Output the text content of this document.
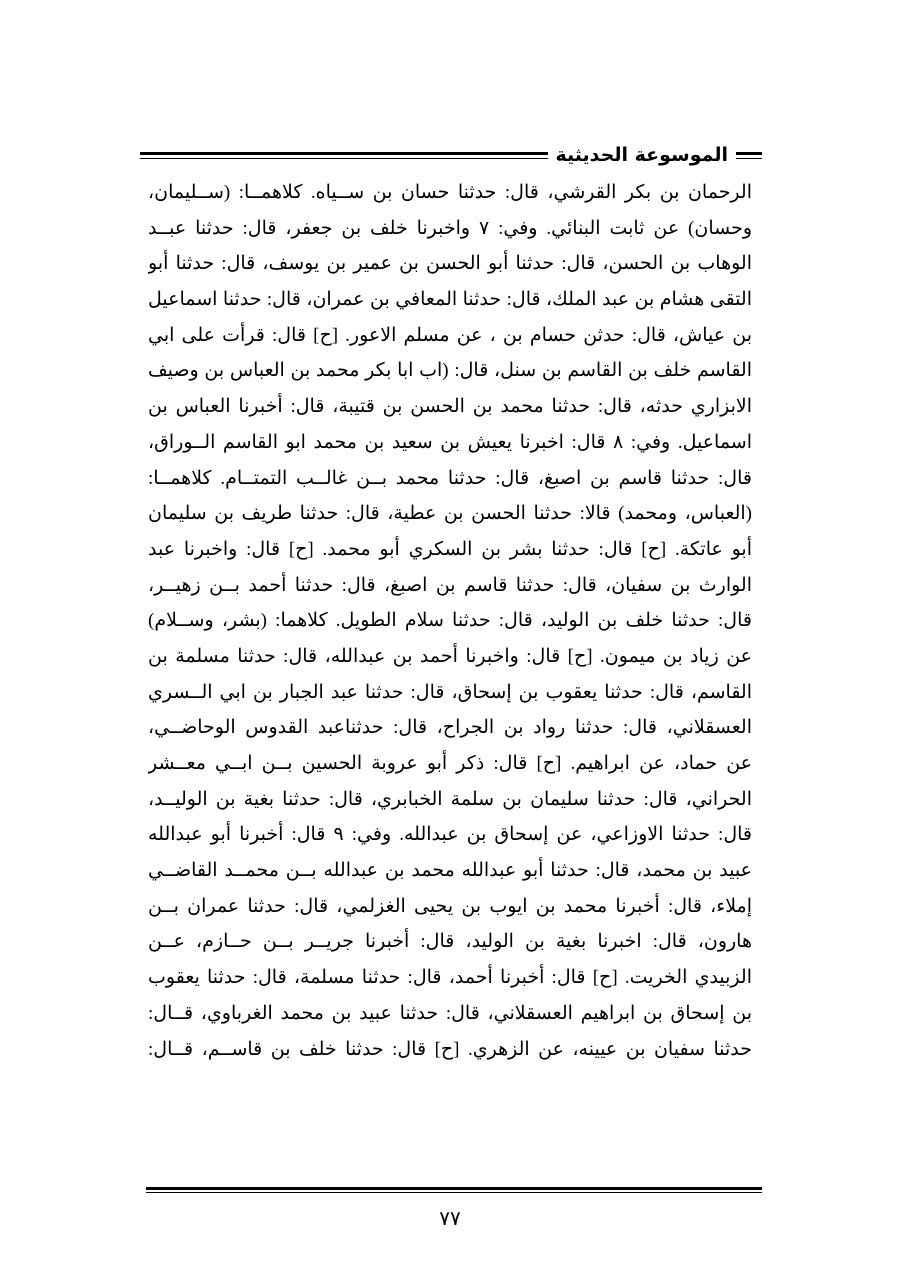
الموسوعة الحديثية
الرحمان بن بكر القرشي، قال: حدثنا حسان بن ســياه. كلاهمــا: (ســليمان،
وحسان) عن ثابت البنائي. وفي: ٧ واخبرنا خلف بن جعفر، قال: حدثنا عبــد
الوهاب بن الحسن، قال: حدثنا أبو الحسن بن عمير بن يوسف، قال: حدثنا أبو
التقى هشام بن عبد الملك، قال: حدثنا المعافي بن عمران، قال: حدثنا اسماعيل
بن عياش، قال: حدثن حسام بن ، عن مسلم الاعور. [ح] قال: قرأت على ابي
القاسم خلف بن القاسم بن سنل، قال: (اب ابا بكر محمد بن العباس بن وصيف
الابزاري حدثه، قال: حدثنا محمد بن الحسن بن قتيبة، قال: أخبرنا العباس بن
اسماعيل. وفي: ٨ قال: اخبرنا يعيش بن سعيد بن محمد ابو القاسم الــوراق،
قال: حدثنا قاسم بن اصبغ، قال: حدثنا محمد بــن غالــب التمتــام. كلاهمــا:
(العباس، ومحمد) قالا: حدثنا الحسن بن عطية، قال: حدثنا طريف بن سليمان
أبو عاتكة. [ح] قال: حدثنا بشر بن السكري أبو محمد. [ح] قال: واخبرنا عبد
الوارث بن سفيان، قال: حدثنا قاسم بن اصبغ، قال: حدثنا أحمد بــن زهيــر،
قال: حدثنا خلف بن الوليد، قال: حدثنا سلام الطويل. كلاهما: (بشر، وســلام)
عن زياد بن ميمون. [ح] قال: واخبرنا أحمد بن عبدالله، قال: حدثنا مسلمة بن
القاسم، قال: حدثنا يعقوب بن إسحاق، قال: حدثنا عبد الجبار بن ابي الــسري
العسقلاني، قال: حدثنا رواد بن الجراح، قال: حدثناعبد القدوس الوحاضــي،
عن حماد، عن ابراهيم. [ح] قال: ذكر أبو عروبة الحسين بــن ابــي معــشر
الحراني، قال: حدثنا سليمان بن سلمة الخبابري، قال: حدثنا بغية بن الوليــد،
قال: حدثنا الاوزاعي، عن إسحاق بن عبدالله. وفي: ٩ قال: أخبرنا أبو عبدالله
عبيد بن محمد، قال: حدثنا أبو عبدالله محمد بن عبدالله بــن محمــد القاضــي
إملاء، قال: أخبرنا محمد بن ايوب بن يحيى الغزلمي، قال: حدثنا عمران بــن
هارون، قال: اخبرنا بغية بن الوليد، قال: أخبرنا جريــر بــن حــازم، عــن
الزبيدي الخريت. [ح] قال: أخبرنا أحمد، قال: حدثنا مسلمة، قال: حدثنا يعقوب
بن إسحاق بن ابراهيم العسقلاني، قال: حدثنا عبيد بن محمد الغرباوي، قــال:
حدثنا سفيان بن عيينه، عن الزهري. [ح] قال: حدثنا خلف بن قاســم، قــال:
٧٧
